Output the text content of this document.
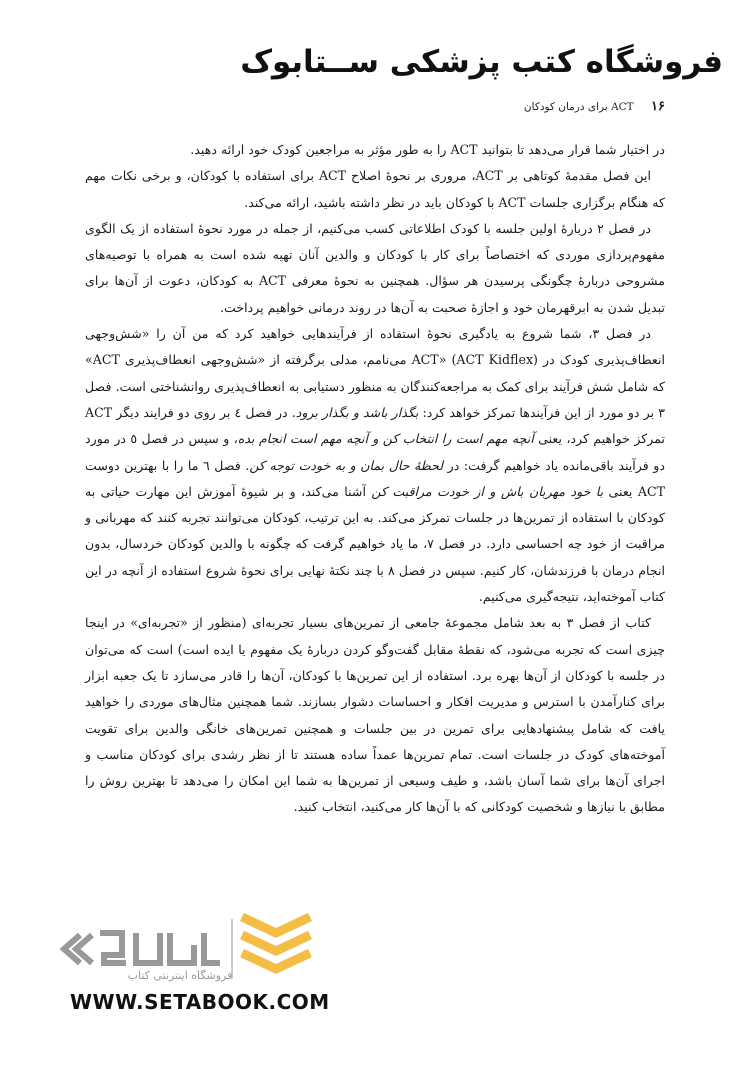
فروشگاه کتب پزشکی ســتابوک
۱۶ ACT برای درمان کودکان

در اختیار شما قرار می‌دهد تا بتوانید ACT را به طور مؤثر به مراجعین کودک خود ارائه دهید.

این فصل مقدمهٔ کوتاهی بر ACT، مروری بر نحوهٔ اصلاح ACT برای استفاده با کودکان، و برخی نکات مهم که هنگام برگزاری جلسات ACT با کودکان باید در نظر داشته باشید، ارائه می‌کند.

در فصل ۲ دربارهٔ اولین جلسه با کودک اطلاعاتی کسب می‌کنیم، از جمله در مورد نحوهٔ استفاده از یک الگوی مفهوم‌پردازی موردی که اختصاصاً برای کار با کودکان و والدین آنان تهیه شده است به همراه با توصیه‌های مشروحی دربارهٔ چگونگی پرسیدن هر سؤال. همچنین به نحوهٔ معرفی ACT به کودکان، دعوت از آن‌ها برای تبدیل شدن به ابرقهرمان خود و اجازهٔ صحبت به آن‌ها در روند درمانی خواهیم پرداخت.

در فصل ۳، شما شروع به یادگیری نحوهٔ استفاده از فرآیندهایی خواهید کرد که من آن را «شش‌وجهی انعطاف‌پذیری کودک در ACT» (ACT Kidflex) می‌نامم، مدلی برگرفته از «شش‌وجهی انعطاف‌پذیری ACT» که شامل شش فرآیند برای کمک به مراجعه‌کنندگان به منظور دستیابی به انعطاف‌پذیری روانشناختی است. فصل ۳ بر دو مورد از این فرآیندها تمرکز خواهد کرد: بگذار باشد و بگذار برود. در فصل ٤ بر روی دو فرایند دیگر ACT تمرکز خواهیم کرد، یعنی آنچه مهم است را انتخاب کن و آنچه مهم است انجام بده، و سپس در فصل ٥ در مورد دو فرآیند باقی‌مانده یاد خواهیم گرفت: در لحظهٔ حال بمان و به خودت توجه کن. فصل ٦ ما را با بهترین دوست ACT یعنی با خود مهربان باش و از خودت مراقبت کن آشنا می‌کند، و بر شیوهٔ آموزش این مهارت حیاتی به کودکان با استفاده از تمرین‌ها در جلسات تمرکز می‌کند. به این ترتیب، کودکان می‌توانند تجربه کنند که مهربانی و مراقبت از خود چه احساسی دارد. در فصل ۷، ما یاد خواهیم گرفت که چگونه با والدین کودکان خردسال، بدون انجام درمان با فرزندشان، کار کنیم. سپس در فصل ۸ با چند نکتهٔ نهایی برای نحوهٔ شروع استفاده از آنچه در این کتاب آموخته‌اید، نتیجه‌گیری می‌کنیم.

کتاب از فصل ۳ به بعد شامل مجموعهٔ جامعی از تمرین‌های بسیار تجربه‌ای (منظور از «تجربه‌ای» در اینجا چیزی است که تجربه می‌شود، که نقطهٔ مقابل گفت‌وگو کردن دربارهٔ یک مفهوم یا ایده است) است که می‌توان در جلسه با کودکان از آن‌ها بهره برد. استفاده از این تمرین‌ها با کودکان، آن‌ها را قادر می‌سازد تا یک جعبه ابزار برای کنارآمدن با استرس و مدیریت افکار و احساسات دشوار بسازند. شما همچنین مثال‌های موردی را خواهید یافت که شامل پیشنهادهایی برای تمرین در بین جلسات و همچنین تمرین‌های خانگی والدین برای تقویت آموخته‌های کودک در جلسات است. تمام تمرین‌ها عمداً ساده هستند تا از نظر رشدی برای کودکان مناسب و اجرای آن‌ها برای شما آسان باشد، و طیف وسیعی از تمرین‌ها به شما این امکان را می‌دهد تا بهترین روش را مطابق با نیازها و شخصیت کودکانی که با آن‌ها کار می‌کنید، انتخاب کنید.

فروشگاه اینترنتی کتاب
WWW.SETABOOK.COM
